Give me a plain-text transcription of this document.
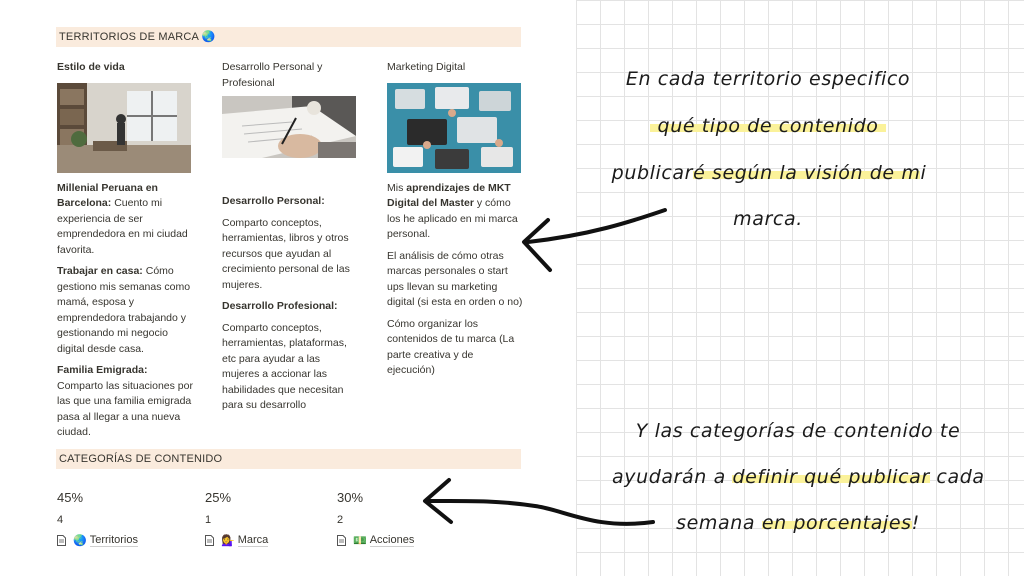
TERRITORIOS DE MARCA 🌏
Estilo de vida

Millenial Peruana en Barcelona: Cuento mi experiencia de ser emprendedora en mi ciudad favorita.

Trabajar en casa: Cómo gestiono mis semanas como mamá, esposa y emprendedora trabajando y gestionando mi negocio digital desde casa.

Familia Emigrada: Comparto las situaciones por las que una familia emigrada pasa al llegar a una nueva ciudad.

Desarrollo Personal y Profesional

Desarrollo Personal:

Comparto conceptos, herramientas, libros y otros recursos que ayudan al crecimiento personal de las mujeres.

Desarrollo Profesional:

Comparto conceptos, herramientas, plataformas, etc para ayudar a las mujeres a accionar las habilidades que necesitan para su desarrollo

Marketing Digital

Mis aprendizajes de MKT Digital del Master y cómo los he aplicado en mi marca personal.

El análisis de cómo otras marcas personales o start ups llevan su marketing digital (si esta en orden o no)

Cómo organizar los contenidos de tu marca (La parte creativa y de ejecución)

CATEGORÍAS DE CONTENIDO
45%
4
🌏 Territorios
25%
1
💁‍♀️ Marca
30%
2
💵 Acciones
En cada territorio especifico
qué tipo de contenido
publicaré según la visión de mi
marca.
Y las categorías de contenido te
ayudarán a definir qué publicar cada
semana en porcentajes!
